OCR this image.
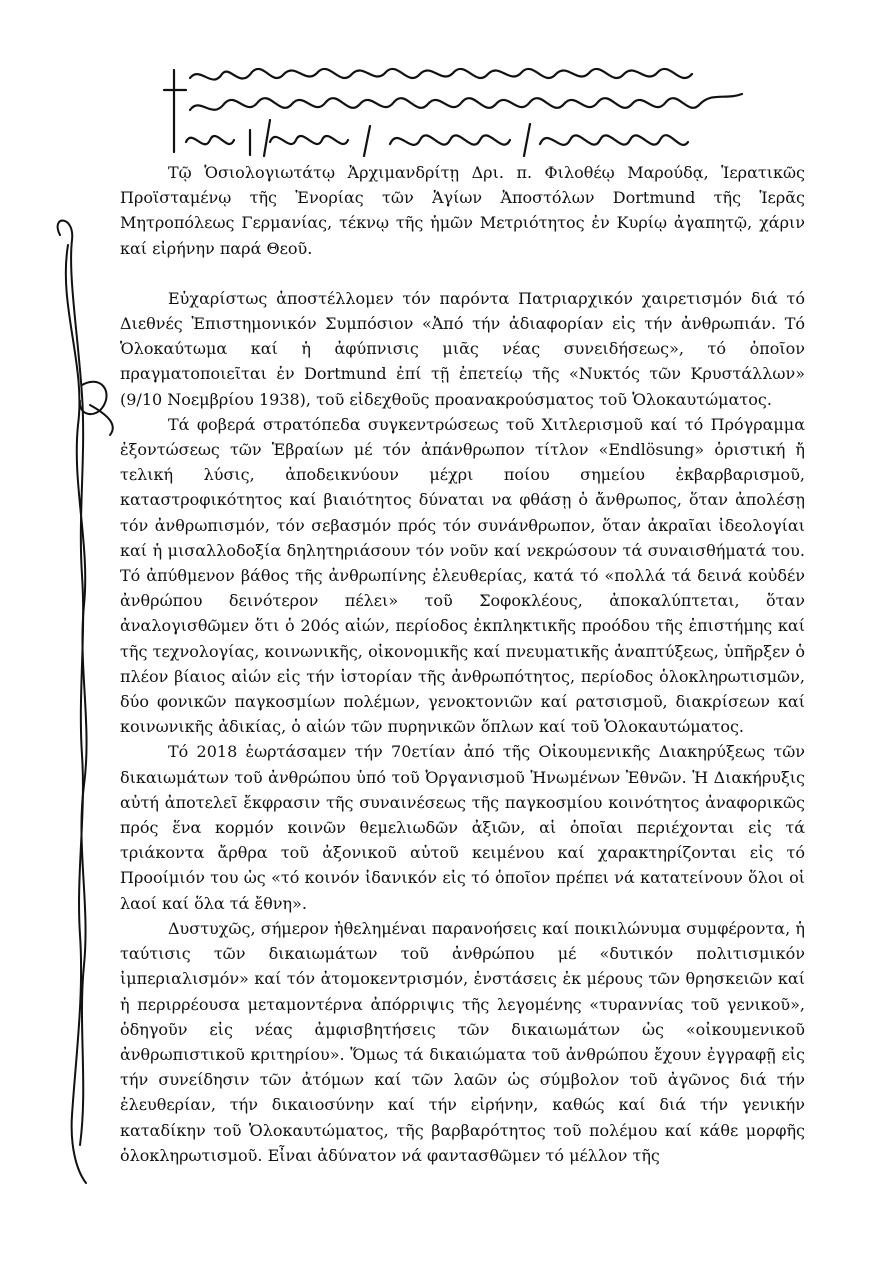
Τῷ Ὁσιολογιωτάτῳ Ἀρχιμανδρίτῃ Δρι. π. Φιλοθέῳ Μαρούδᾳ, Ἱερατικῶς Προϊσταμένῳ τῆς Ἐνορίας τῶν Ἁγίων Ἀποστόλων Dortmund τῆς Ἱερᾶς Μητροπόλεως Γερμανίας, τέκνῳ τῆς ἡμῶν Μετριότητος ἐν Κυρίῳ ἀγαπητῷ, χάριν καί εἰρήνην παρά Θεοῦ.

Εὐχαρίστως ἀποστέλλομεν τόν παρόντα Πατριαρχικόν χαιρετισμόν διά τό Διεθνές Ἐπιστημονικόν Συμπόσιον «Ἀπό τήν ἀδιαφορίαν εἰς τήν ἀνθρωπιάν. Τό Ὁλοκαύτωμα καί ἡ ἀφύπνισις μιᾶς νέας συνειδήσεως», τό ὁποῖον πραγματοποιεῖται ἐν Dortmund ἐπί τῇ ἐπετείῳ τῆς «Νυκτός τῶν Κρυστάλλων» (9/10 Νοεμβρίου 1938), τοῦ εἰδεχθοῦς προανακρούσματος τοῦ Ὁλοκαυτώματος.

Τά φοβερά στρατόπεδα συγκεντρώσεως τοῦ Χιτλερισμοῦ καί τό Πρόγραμμα ἐξοντώσεως τῶν Ἑβραίων μέ τόν ἀπάνθρωπον τίτλον «Endlösung» ὁριστική ἤ τελική λύσις, ἀποδεικνύουν μέχρι ποίου σημείου ἐκβαρβαρισμοῦ, καταστροφικότητος καί βιαιότητος δύναται να φθάσῃ ὁ ἄνθρωπος, ὅταν ἀπολέσῃ τόν ἀνθρωπισμόν, τόν σεβασμόν πρός τόν συνάνθρωπον, ὅταν ἀκραῖαι ἰδεολογίαι καί ἡ μισαλλοδοξία δηλητηριάσουν τόν νοῦν καί νεκρώσουν τά συναισθήματά του. Τό ἀπύθμενον βάθος τῆς ἀνθρωπίνης ἐλευθερίας, κατά τό «πολλά τά δεινά κοὐδέν ἀνθρώπου δεινότερον πέλει» τοῦ Σοφοκλέους, ἀποκαλύπτεται, ὅταν ἀναλογισθῶμεν ὅτι ὁ 20ός αἰών, περίοδος ἐκπληκτικῆς προόδου τῆς ἐπιστήμης καί τῆς τεχνολογίας, κοινωνικῆς, οἰκονομικῆς καί πνευματικῆς ἀναπτύξεως, ὑπῆρξεν ὁ πλέον βίαιος αἰών εἰς τήν ἱστορίαν τῆς ἀνθρωπότητος, περίοδος ὁλοκληρωτισμῶν, δύο φονικῶν παγκοσμίων πολέμων, γενοκτονιῶν καί ρατσισμοῦ, διακρίσεων καί κοινωνικῆς ἀδικίας, ὁ αἰών τῶν πυρηνικῶν ὅπλων καί τοῦ Ὁλοκαυτώματος.

Τό 2018 ἑωρτάσαμεν τήν 70ετίαν ἀπό τῆς Οἰκουμενικῆς Διακηρύξεως τῶν δικαιωμάτων τοῦ ἀνθρώπου ὑπό τοῦ Ὀργανισμοῦ Ἡνωμένων Ἐθνῶν. Ἡ Διακήρυξις αὐτή ἀποτελεῖ ἔκφρασιν τῆς συναινέσεως τῆς παγκοσμίου κοινότητος ἀναφορικῶς πρός ἕνα κορμόν κοινῶν θεμελιωδῶν ἀξιῶν, αἱ ὁποῖαι περιέχονται εἰς τά τριάκοντα ἄρθρα τοῦ ἀξονικοῦ αὐτοῦ κειμένου καί χαρακτηρίζονται εἰς τό Προοίμιόν του ὡς «τό κοινόν ἰδανικόν εἰς τό ὁποῖον πρέπει νά κατατείνουν ὅλοι οἱ λαοί καί ὅλα τά ἔθνη».

Δυστυχῶς, σήμερον ἠθελημέναι παρανοήσεις καί ποικιλώνυμα συμφέροντα, ἡ ταύτισις τῶν δικαιωμάτων τοῦ ἀνθρώπου μέ «δυτικόν πολιτισμικόν ἰμπεριαλισμόν» καί τόν ἀτομοκεντρισμόν, ἐνστάσεις ἐκ μέρους τῶν θρησκειῶν καί ἡ περιρρέουσα μεταμοντέρνα ἀπόρριψις τῆς λεγομένης «τυραννίας τοῦ γενικοῦ», ὁδηγοῦν εἰς νέας ἀμφισβητήσεις τῶν δικαιωμάτων ὡς «οἰκουμενικοῦ ἀνθρωπιστικοῦ κριτηρίου». Ὅμως τά δικαιώματα τοῦ ἀνθρώπου ἔχουν ἐγγραφῇ εἰς τήν συνείδησιν τῶν ἀτόμων καί τῶν λαῶν ὡς σύμβολον τοῦ ἀγῶνος διά τήν ἐλευθερίαν, τήν δικαιοσύνην καί τήν εἰρήνην, καθώς καί διά τήν γενικήν καταδίκην τοῦ Ὁλοκαυτώματος, τῆς βαρβαρότητος τοῦ πολέμου καί κάθε μορφῆς ὁλοκληρωτισμοῦ. Εἶναι ἀδύνατον νά φαντασθῶμεν τό μέλλον τῆς
